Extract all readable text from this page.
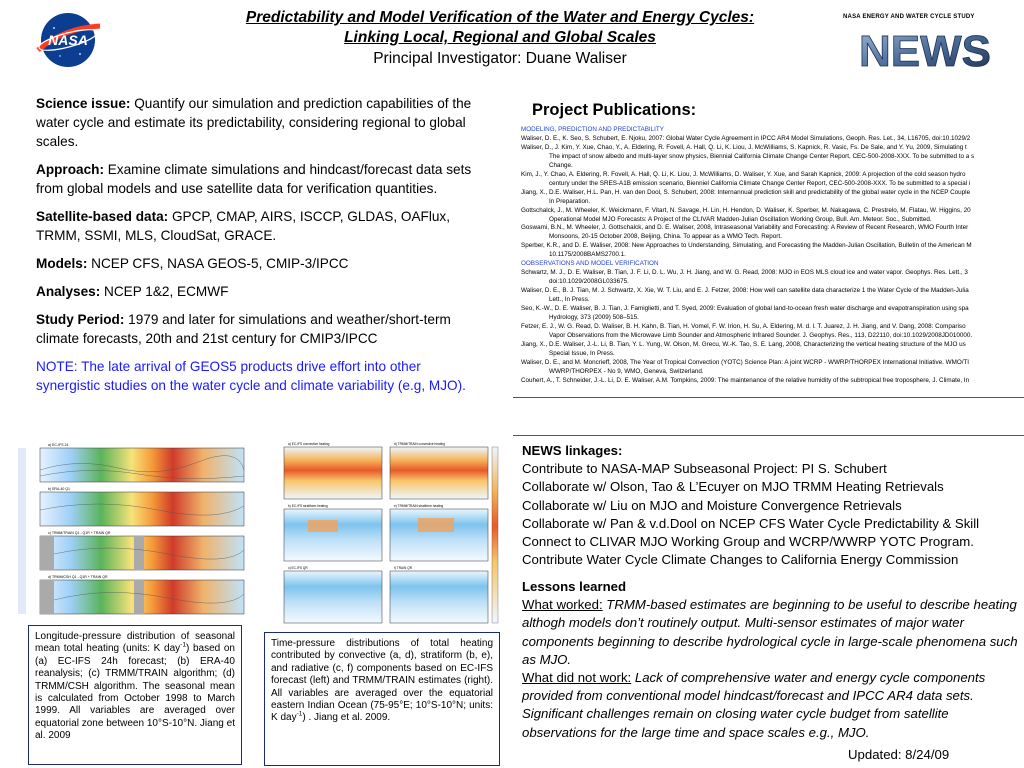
NASA
Predictability and Model Verification of the Water and Energy Cycles:
Linking Local, Regional and Global Scales
Principal Investigator: Duane Waliser	NEWS
NASA ENERGY AND WATER CYCLE STUDY

Science issue: Quantify our simulation and prediction capabilities of the water cycle and estimate its predictability, considering regional to global scales.

Approach: Examine climate simulations and hindcast/forecast data sets from global models and use satellite data for verification quantities.

Satellite-based data: GPCP, CMAP, AIRS, ISCCP, GLDAS, OAFlux, TRMM, SSMI, MLS, CloudSat, GRACE.

Models: NCEP CFS, NASA GEOS-5, CMIP-3/IPCC

Analyses: NCEP 1&2, ECMWF

Study Period: 1979 and later for simulations and weather/short-term climate forecasts, 20th and 21st century for CMIP3/IPCC

NOTE: The late arrival of GEOS5 products drive effort into other synergistic studies on the water cycle and climate variability (e.g, MJO).

Project Publications:
MODELING, PREDICTION AND PREDICTABILITY
Waliser, D. E., K. Seo, S. Schubert, E. Njoku, 2007: Global Water Cycle Agreement in IPCC AR4 Model Simulations, Geoph. Res. Let., 34, L16705, doi:10.1029/2
Waliser, D., J. Kim, Y. Xue, Chao, Y., A. Eldering, R. Fovell, A. Hall, Q. Li, K. Liou, J. McWilliams, S. Kapnick, R. Vasic, Fs. De Sale, and Y. Yu, 2009, Simulating t
The impact of snow albedo and multi-layer snow physics, Biennial California Climate Change Center Report, CEC-500-2008-XXX. To be submitted to a s
Change.
Kim, J., Y. Chao, A. Eldering, R. Fovell, A. Hall, Q. Li, K. Liou, J. McWilliams, D. Waliser, Y. Xue, and Sarah Kapnick, 2009: A projection of the cold season hydro
century under the SRES-A1B emission scenario, Bienniel California Climate Change Center Report, CEC-500-2008-XXX. To be submitted to a special i
Jiang, X., D.E. Waliser, H.L. Pan, H. van den Dool, S. Schubert, 2008: Internannual prediction skill and predictability of the global water cycle in the NCEP Couple
In Preparation.
Gottschalck, J., M. Wheeler, K. Weickmann, F. Vitart, N. Savage, H. Lin, H. Hendon, D. Waliser, K. Sperber, M. Nakagawa, C. Prestrelo, M. Flatau, W. Higgins, 20
Operational Model MJO Forecasts: A Project of the CLIVAR Madden-Julian Oscillation Working Group, Bull. Am. Meteor. Soc., Submitted.
Goswami, B.N., M. Wheeler, J. Gottschalck, and D. E. Waliser, 2008, Intraseasonal Variability and Forecasting: A Review of Recent Research, WMO Fourth Inter
Monsoons, 20-15 October 2008, Beijing, China. To appear as a WMO Tech. Report.
Sperber, K.R., and D. E. Waliser, 2008: New Approaches to Understanding, Simulating, and Forecasting the Madden-Julian Oscillation, Bulletin of the American M
10.1175/2008BAMS2700.1.
OOBSERVATIONS AND MODEL VERIFICATION
Schwartz, M. J., D. E. Waliser, B. Tian, J. F. Li, D. L. Wu, J. H. Jiang, and W. G. Read, 2008: MJO in EOS MLS cloud ice and water vapor. Geophys. Res. Lett., 3
doi:10.1029/2008GL033675.
Waliser, D. E., B. J. Tian, M. J. Schwartz, X. Xie, W. T. Liu, and E. J. Fetzer, 2008: How well can satellite data characterize 1 the Water Cycle of the Madden-Julia
Lett., In Press.
Seo, K.-W., D. E. Waliser, B. J. Tian, J. Famiglietti, and T. Syed, 2009: Evaluation of global land-to-ocean fresh water discharge and evapotranspiration using spa
Hydrology, 373 (2009) 508–515.
Fetzer, E. J., W. G. Read, D. Waliser, B. H. Kahn, B. Tian, H. Vomel, F. W. Irion, H. Su, A. Eldering, M. d. l. T. Juarez, J. H. Jiang, and V. Dang, 2008: Compariso
Vapor Observations from the Microwave Limb Sounder and Atmospheric Infrared Sounder. J. Geophys. Res., 113, D22110, doi:10.1029/2008JD010000.
Jiang, X., D.E. Waliser, J.-L. Li, B. Tian, Y. L. Yung, W. Olson, M. Grecu, W.-K. Tao, S. E. Lang, 2008, Characterizing the vertical heating structure of the MJO us
Special Issue, In Press.
Waliser, D. E., and M. Moncrieff, 2008, The Year of Tropical Convection (YOTC) Science Plan: A joint WCRP - WWRP/THORPEX International Initiative. WMO/TI
WWRP/THORPEX - No 9, WMO, Geneva, Switzerland.
Couhert, A., T. Schneider, J.-L. Li, D. E. Waliser, A.M. Tompkins, 2009: The maintenance of the relative humidity of the subtropical free troposphere, J. Climate, In
NEWS linkages:
Contribute to NASA-MAP Subseasonal Project: PI S. Schubert
Collaborate w/ Olson, Tao & L’Ecuyer on MJO TRMM Heating Retrievals
Collaborate w/ Liu on MJO and Moisture Convergence Retrievals
Collaborate w/ Pan & v.d.Dool on NCEP CFS Water Cycle Predictability & Skill
Connect to CLIVAR MJO Working Group and WCRP/WWRP YOTC Program.
Contribute Water Cycle Climate Changes to California Energy Commission
Lessons learned
What worked: TRMM-based estimates are beginning to be useful to describe heating althogh models don’t routinely output. Multi-sensor estimates of major water components beginning to describe hydrological cycle in large-scale phenomena such as MJO.
What did not work: Lack of comprehensive water and energy cycle components provided from conventional model hindcast/forecast and IPCC AR4 data sets. Significant challenges remain on closing water cycle budget from satellite observations for the large time and space scales e.g., MJO.
Updated: 8/24/09
a) EC-IFS 24
b) ERA-40 Q1
c) TRMM/TRAIN Q1 - Q1R + TRAIN QR
d) TRMM/CSH Q1 - Q1R + TRAIN QR
a) EC-IFS convective heating	d) TRMM/TRAIN convective heating
b) EC-IFS stratiform heating	e) TRMM/TRAIN stratiform heating
c) EC-IFS QR	f) TRAIN QR
Longitude-pressure distribution of seasonal mean total heating (units: K day$^{-1}$) based on (a) EC-IFS 24h forecast; (b) ERA-40 reanalysis; (c) TRMM/TRAIN algorithm; (d) TRMM/CSH algorithm. The seasonal mean is calculated from October 1998 to March 1999. All variables are averaged over equatorial zone between 10°S-10°N. Jiang et al. 2009
Time-pressure distributions of total heating contributed by convective (a, d), stratiform (b, e), and radiative (c, f) components based on EC-IFS forecast (left) and TRMM/TRAIN estimates (right). All variables are averaged over the equatorial eastern Indian Ocean (75-95°E; 10°S-10°N; units: K day$^{-1}$) . Jiang et al. 2009.
